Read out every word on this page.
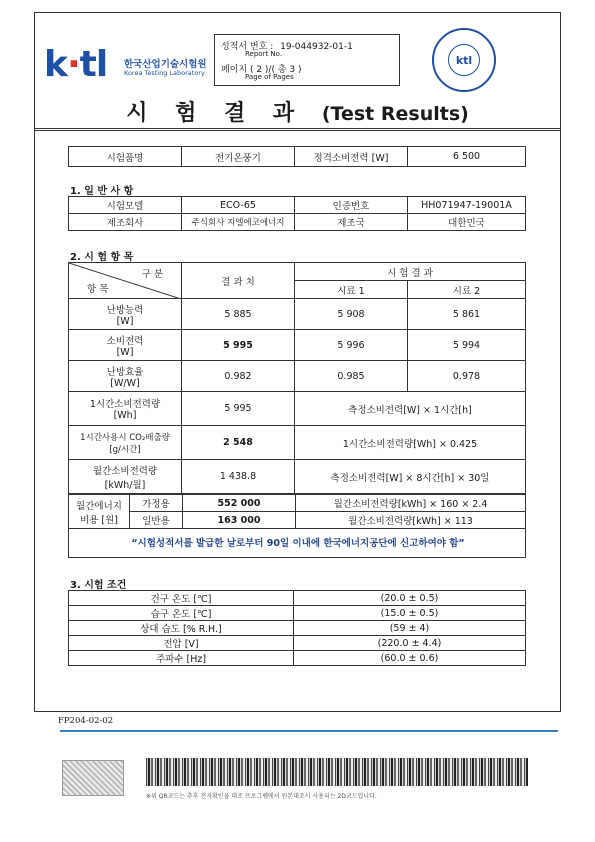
k·tl 한국산업기술시험원
Korea Testing Laboratory
성적서 번호 : 19-044932-01-1
Report No.
페이지 ( 2 )/( 총 3 )
Page of Pages
ktl
시 험 결 과 (Test Results)
시험품명	전기온풍기	정격소비전력 [W]	6 500
1. 일 반 사 항
시험모델	ECO-65	인증번호	HH071947-19001A
제조회사	주식회사 지엘에코에너지	제조국	대한민국
2. 시 험 항 목
구 분
항 목	결 과 치	시 험 결 과	
		시료 1	시료 2

난방능력
[W]	5 885	5 908	5 861

소비전력
[W]	5 995	5 996	5 994

난방효율
[W/W]	0.982	0.985	0.978

1시간소비전력량
[Wh]	5 995	측정소비전력[W] × 1시간[h]	

1시간사용시 CO₂배출량
[g/시간]	2 548	1시간소비전력량[Wh] × 0.425	

월간소비전력량
[kWh/월]	1 438.8	측정소비전력[W] × 8시간[h] × 30일	
월간에너지
비용 [원]	가정용	552 000	월간소비전력량[kWh] × 160 × 2.4
	일반용	163 000	월간소비전력량[kWh] × 113
“시험성적서를 발급한 날로부터 90일 이내에 한국에너지공단에 신고하여야 함”
3. 시험 조건
건구 온도 [℃]	(20.0 ± 0.5)
습구 온도 [℃]	(15.0 ± 0.5)
상대 습도 [% R.H.]	(59 ± 4)
전압 [V]	(220.0 ± 4.4)
주파수 [Hz]	(60.0 ± 0.6)
FP204-02-02
※위 QR코드는 추후 전자확인을 대조 프로그램에서 원본대조시 사용되는 2D코드입니다.
